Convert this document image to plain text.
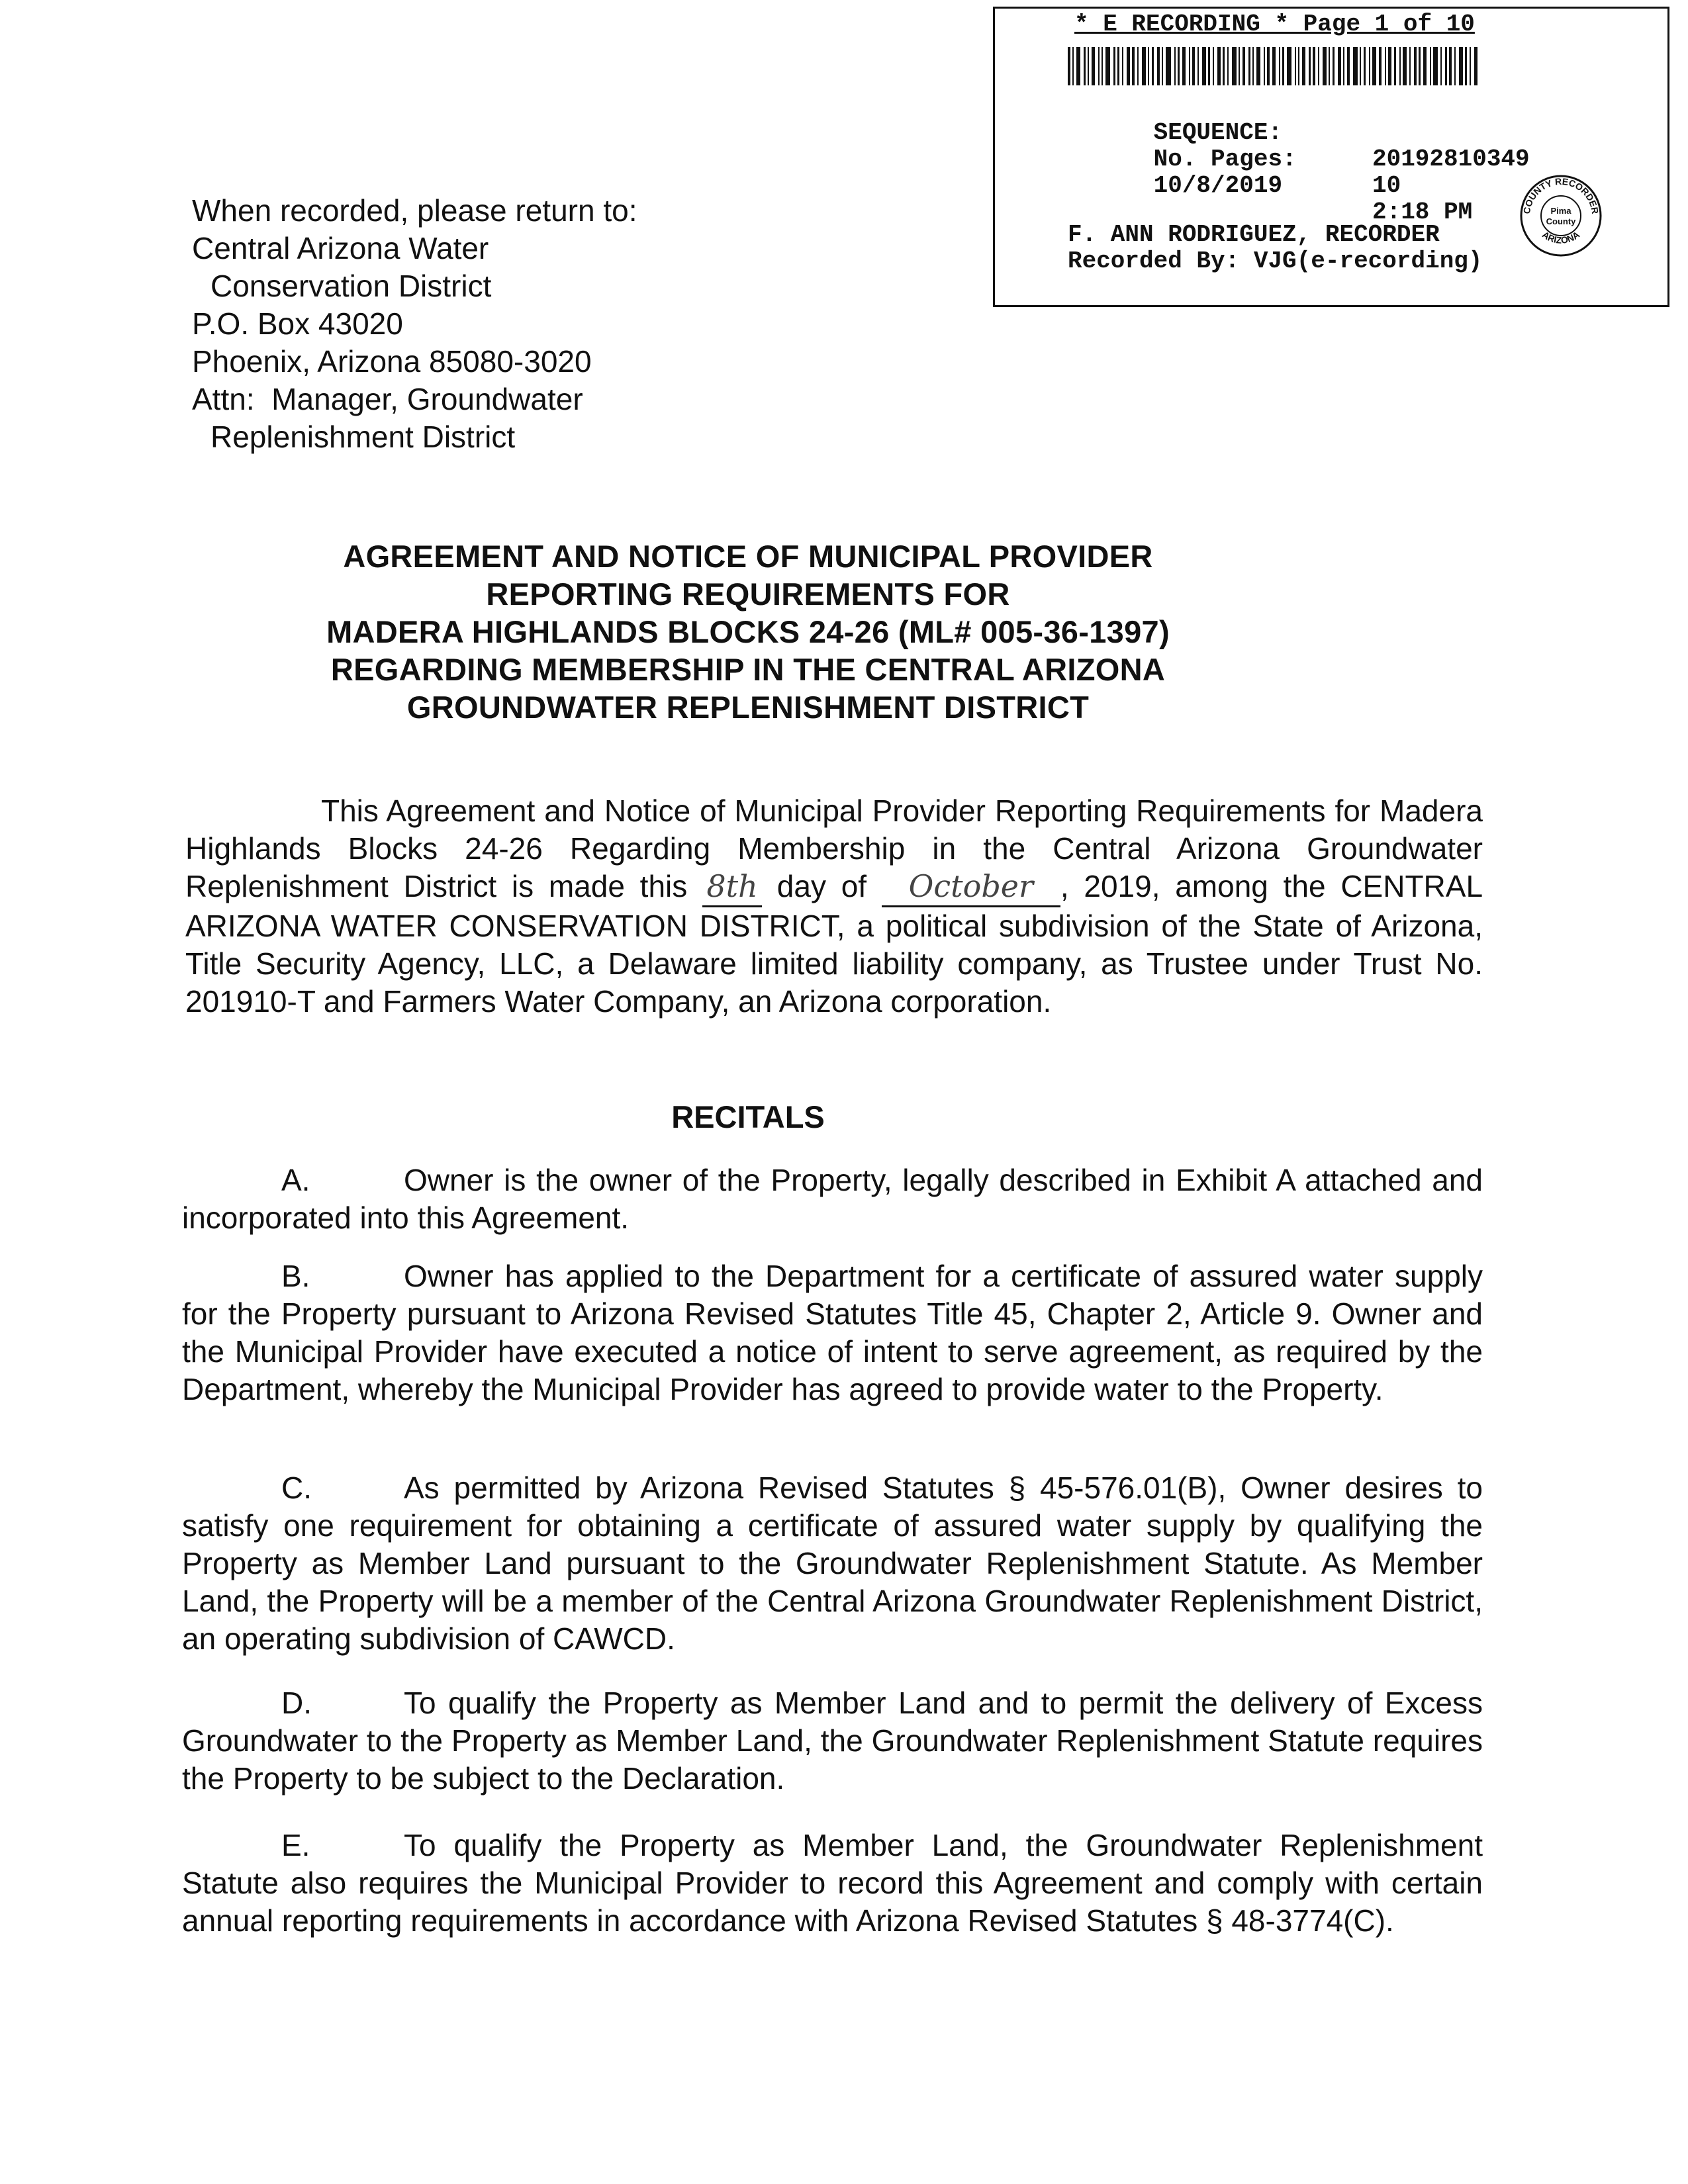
* E RECORDING * Page 1 of 10

SEQUENCE:

20192810349

No. Pages:

10

10/8/2019

2:18 PM

F. ANN RODRIGUEZ, RECORDER
Recorded By: VJG(e-recording)
COUNTY RECORDER
ARIZONA
Pima
County
When recorded, please return to:
Central Arizona Water
Conservation District
P.O. Box 43020
Phoenix, Arizona 85080-3020
Attn:  Manager, Groundwater
Replenishment District
AGREEMENT AND NOTICE OF MUNICIPAL PROVIDER
REPORTING REQUIREMENTS FOR
MADERA HIGHLANDS BLOCKS 24-26 (ML# 005-36-1397)
REGARDING MEMBERSHIP IN THE CENTRAL ARIZONA
GROUNDWATER REPLENISHMENT DISTRICT
This Agreement and Notice of Municipal Provider Reporting Requirements for Madera Highlands Blocks 24-26 Regarding Membership in the Central Arizona Groundwater Replenishment District is made this 8th day of October , 2019, among the CENTRAL ARIZONA WATER CONSERVATION DISTRICT, a political subdivision of the State of Arizona, Title Security Agency, LLC, a Delaware limited liability company, as Trustee under Trust No. 201910-T and Farmers Water Company, an Arizona corporation.
RECITALS
A.	Owner is the owner of the Property, legally described in Exhibit A attached and incorporated into this Agreement.
B.	Owner has applied to the Department for a certificate of assured water supply for the Property pursuant to Arizona Revised Statutes Title 45, Chapter 2, Article 9. Owner and the Municipal Provider have executed a notice of intent to serve agreement, as required by the Department, whereby the Municipal Provider has agreed to provide water to the Property.
C.	As permitted by Arizona Revised Statutes § 45-576.01(B), Owner desires to satisfy one requirement for obtaining a certificate of assured water supply by qualifying the Property as Member Land pursuant to the Groundwater Replenishment Statute. As Member Land, the Property will be a member of the Central Arizona Groundwater Replenishment District, an operating subdivision of CAWCD.
D.	To qualify the Property as Member Land and to permit the delivery of Excess Groundwater to the Property as Member Land, the Groundwater Replenishment Statute requires the Property to be subject to the Declaration.
E.	To qualify the Property as Member Land, the Groundwater Replenishment Statute also requires the Municipal Provider to record this Agreement and comply with certain annual reporting requirements in accordance with Arizona Revised Statutes § 48-3774(C).
